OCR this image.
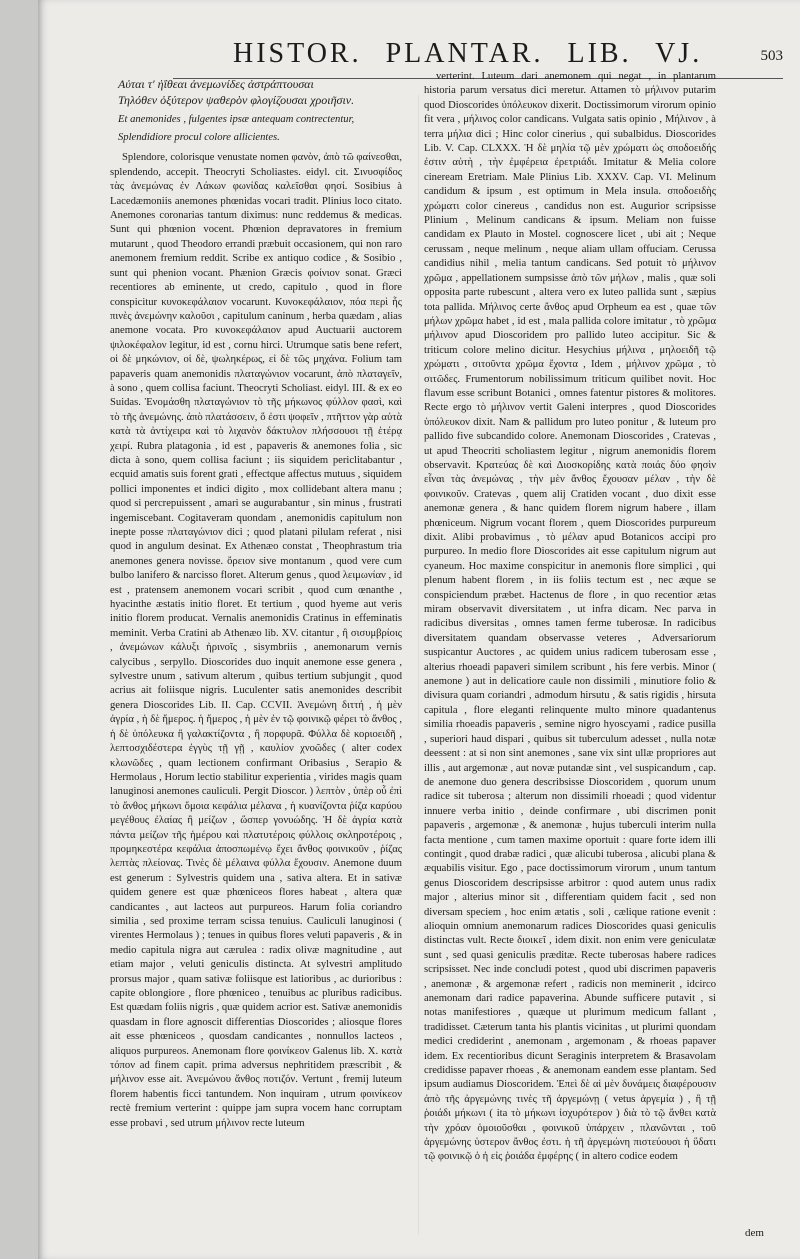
HISTOR. PLANTAR. LIB. VJ.	503
Αὐται τ' ἠΐθεαι ἀνεμωνίδες ἀστράπτουσαι
Τηλόθεν ὀξύτερον ψαθερὸν φλογίζουσαι χροιῆσιν.
Et anemonides , fulgentes ipsæ antequam contrectentur,
Splendidiore procul colore allicientes.

Splendore, colorisque venustate nomen φανὸν, ἀπὸ τῶ φαίνεσθαι, splendendo, accepit. Theocryti Scholiastes. eidyl. cit. Σινυσφίδος τὰς ἀνεμώνας ἐν Λάκων φωνίδας καλεῖσθαι φησί. Sosibius à Lacedæmoniis anemones phœnidas vocari tradit. Plinius loco citato. Anemones coronarias tantum diximus: nunc reddemus & medicas. Sunt qui phœnion vocent. Phœnion depravatores in fremium mutarunt , quod Theodoro errandi præbuit occasionem, qui non raro anemonem fremium reddit. Scribe ex antiquo codice , & Sosibio , sunt qui phenion vocant. Phænion Græcis φοίνιον sonat. Græci recentiores ab eminente, ut credo, capitulo , quod in flore conspicitur κυνοκεφάλαιον vocarunt. Κυνοκεφάλαιον, πόα περὶ ἧς πινὲς ἀνεμώνην καλοῦσι , capitulum caninum , herba quædam , alias anemone vocata. Pro κυνοκεφάλαιον apud Auctuarii auctorem ψιλοκέφαλον legitur, id est , cornu hirci. Utrumque satis bene refert, οἱ δὲ μηκώνιον, οἱ δὲ, ψωληκέρως, εἰ δὲ τῶς μηχάνα. Folium tam papaveris quam anemonidis πλαταγώνιον vocarunt, ἀπὸ πλαταγεῖν, à sono , quem collisa faciunt. Theocryti Scholiast. eidyl. III. & ex eo Suidas. Ἐνομάσθη πλαταγώνιον τὸ τῆς μήκωνος φύλλον φασὶ, καὶ τὸ τῆς ἀνεμώνης. ἀπὸ πλατάσσειν, ὅ ἐστι ψοφεῖν , πτῆττον γὰρ αὐτὰ κατὰ τὰ ἀντίχειρα καὶ τὸ λιχανὸν δάκτυλον πλήσσουσι τῇ ἑτέρᾳ χειρί. Rubra platagonia , id est , papaveris & anemones folia , sic dicta à sono, quem collisa faciunt ; iis siquidem periclitabantur , ecquid amatis suis forent grati , effectque affectus mutuus , siquidem pollici imponentes et indici digito , mox collidebant altera manu ; quod si percrepuissent , amari se augurabantur , sin minus , frustrati ingemiscebant. Cogitaveram quondam , anemonidis capitulum non inepte posse πλαταγώνιον dici ; quod platani pilulam referat , nisi quod in angulum desinat. Ex Athenæo constat , Theophrastum tria anemones genera novisse. ὄρειον sive montanum , quod vere cum bulbo lanifero & narcisso floret. Alterum genus , quod λειμωνίαν , id est , pratensem anemonem vocari scribit , quod cum œnanthe , hyacinthe æstatis initio floret. Et tertium , quod hyeme aut veris initio florem producat. Vernalis anemonidis Cratinus in effeminatis meminit. Verba Cratini ab Athenæo lib. XV. citantur , ἢ σισυμβρίοις , ἀνεμώνων κάλυξι ἠρινοῖς , sisymbriis , anemonarum vernis calycibus , serpyllo. Dioscorides duo inquit anemone esse genera , sylvestre unum , sativum alterum , quibus tertium subjungit , quod acrius ait foliisque nigris. Luculenter satis anemonides describit genera Dioscorides Lib. II. Cap. CCVII. Ἀνεμώνη διττή , ἡ μὲν ἀγρία , ἡ δὲ ἥμερος. ἡ ἥμερος , ἡ μὲν ἐν τῷ φοινικῷ φέρει τὸ ἄνθος , ἡ δὲ ὑπόλευκα ἢ γαλακτίζοντα , ἢ πορφυρᾶ. Φύλλα δὲ κοριοειδῆ , λεπτοσχιδέστερα ἐγγὺς τῇ γῇ , καυλίον χνοῶδες ( alter codex κλωνῶδες , quam lectionem confirmant Oribasius , Serapio & Hermolaus , Horum lectio stabilitur experientia , virides magis quam lanuginosi anemones cauliculi. Pergit Dioscor. ) λεπτὸν , ὑπὲρ οὗ ἐπὶ τὸ ἄνθος μήκωνι ὅμοια κεφάλια μέλανα , ἡ κυανίζοντα ῥίζα καρύου μεγέθους ἐλαίας ἢ μείζων , ὥσπερ γονυώδης. Ἡ δὲ ἀγρία κατὰ πάντα μείζων τῆς ἡμέρου καὶ πλατυτέροις φύλλοις σκληροτέροις , προμηκεστέρα κεφάλια ἀποσπωμένῳ ἔχει ἄνθος φοινικοῦν , ῥίζας λεπτὰς πλείονας. Τινὲς δὲ μέλαινα φύλλα ἔχουσιν. Anemone duum est generum : Sylvestris quidem una , sativa altera. Et in sativæ quidem genere est quæ phœniceos flores habeat , altera quæ candicantes , aut lacteos aut purpureos. Harum folia coriandro similia , sed proxime terram scissa tenuius. Cauliculi lanuginosi ( virentes Hermolaus ) ; tenues in quibus flores veluti papaveris , & in medio capitula nigra aut cærulea : radix olivæ magnitudine , aut etiam major , veluti geniculis distincta. At sylvestri amplitudo prorsus major , quam sativæ foliisque est latioribus , ac durioribus : capite oblongiore , flore phœniceo , tenuibus ac pluribus radicibus. Est quædam foliis nigris , quæ quidem acrior est. Sativæ anemonidis quasdam in flore agnoscit differentias Dioscorides ; aliosque flores ait esse phœniceos , quosdam candicantes , nonnullos lacteos , aliquos purpureos. Anemonam flore φοινίκεον Galenus lib. X. κατὰ τόπον ad finem capit. prima adversus nephritidem præscribit , & μήλινον esse ait. Ἀνεμώνου ἄνθος ποτιζόν. Vertunt , fremij luteum florem habentis ficci tantundem. Non inquiram , utrum φοινίκεον rectè fremium verterint : quippe jam supra vocem hanc corruptam esse probavi , sed utrum μήλινον recte luteum

verterint. Luteum dari anemonem qui negat , in plantarum historia parum versatus dici meretur. Attamen τὸ μήλινον putarim quod Dioscorides ὑπόλευκον dixerit. Doctissimorum virorum opinio fit vera , μήλινος color candicans. Vulgata satis opinio , Μήλινον , à terra μήλια dici ; Hinc color cinerius , qui subalbidus. Dioscorides Lib. V. Cap. CLXXX. Ἡ δὲ μηλία τῷ μὲν χρώματι ὡς σποδοειδής ἐστιν αὐτὴ , τὴν ἐμφέρεια ἐρετριάδι. Imitatur & Melia colore cineream Eretriam. Male Plinius Lib. XXXV. Cap. VI. Melinum candidum & ipsum , est optimum in Mela insula. σποδοειδὴς χρώματι color cinereus , candidus non est. Augurior scripsisse Plinium , Melinum candicans & ipsum. Meliam non fuisse candidam ex Plauto in Mostel. cognoscere licet , ubi ait ; Neque cerussam , neque melinum , neque aliam ullam offuciam. Cerussa candidius nihil , melia tantum candicans. Sed potuit τὸ μήλινον χρῶμα , appellationem sumpsisse ἀπὸ τῶν μήλων , malis , quæ soli opposita parte rubescunt , altera vero ex luteo pallida sunt , sæpius tota pallida. Μήλινος certe ἄνθος apud Orpheum ea est , quae τῶν μήλων χρῶμα habet , id est , mala pallida colore imitatur , τὸ χρῶμα μήλινον apud Dioscoridem pro pallido luteo accipitur. Sic & triticum colore melino dicitur. Hesychius μήλινα , μηλοειδῆ τῷ χρώματι , σιτοῦντα χρῶμα ἔχοντα , Idem , μήλινον χρῶμα , τὸ σιτῶδες. Frumentorum nobilissimum triticum quilibet novit. Hoc flavum esse scribunt Botanici , omnes fatentur pistores & molitores. Recte ergo τὸ μήλινον vertit Galeni interpres , quod Dioscorides ὑπόλευκον dixit. Nam & pallidum pro luteo ponitur , & luteum pro pallido five subcandido colore. Anemonam Dioscorides , Cratevas , ut apud Theocriti scholiastem legitur , nigrum anemonidis florem observavit. Κρατεύας δὲ καὶ Διοσκορίδης κατὰ ποιάς δύο φησὶν εἶναι τὰς ἀνεμώνας , τὴν μὲν ἄνθος ἔχουσαν μέλαν , τὴν δὲ φοινικοῦν. Cratevas , quem alij Cratiden vocant , duo dixit esse anemonæ genera , & hanc quidem florem nigrum habere , illam phœniceum. Nigrum vocant florem , quem Dioscorides purpureum dixit. Alibi probavimus , τὸ μέλαν apud Botanicos accipi pro purpureo. In medio flore Dioscorides ait esse capitulum nigrum aut cyaneum. Hoc maxime conspicitur in anemonis flore simplici , qui plenum habent florem , in iis foliis tectum est , nec æque se conspiciendum præbet. Hactenus de flore , in quo recentior ætas miram observavit diversitatem , ut infra dicam. Nec parva in radicibus diversitas , omnes tamen ferme tuberosæ. In radicibus diversitatem quandam observasse veteres , Adversariorum suspicantur Auctores , ac quidem unius radicem tuberosam esse , alterius rhoeadi papaveri similem scribunt , his fere verbis. Minor ( anemone ) aut in delicatiore caule non dissimili , minutiore folio & divisura quam coriandri , admodum hirsutu , & satis rigidis , hirsuta capitula , flore eleganti relinquente multo minore quadantenus similia rhoeadis papaveris , semine nigro hyoscyami , radice pusilla , superiori haud dispari , quibus sit tuberculum adesset , nulla notæ deessent : at si non sint anemones , sane vix sint ullæ propriores aut illis , aut argemonæ , aut novæ putandæ sint , vel suspicandum , cap. de anemone duo genera describsisse Dioscoridem , quorum unum radice sit tuberosa ; alterum non dissimili rhoeadi ; quod videntur innuere verba initio , deinde confirmare , ubi discrimen ponit papaveris , argemonæ , & anemonæ , hujus tuberculi interim nulla facta mentione , cum tamen maxime oportuit : quare forte idem illi contingit , quod drabæ radici , quæ alicubi tuberosa , alicubi plana & æquabilis visitur. Ego , pace doctissimorum virorum , unum tantum genus Dioscoridem descripsisse arbitror : quod autem unus radix major , alterius minor sit , differentiam quidem facit , sed non diversam speciem , hoc enim ætatis , soli , cælique ratione evenit : alioquin omnium anemonarum radices Dioscorides quasi geniculis distinctas vult. Recte διοικεῖ , idem dixit. non enim vere geniculatæ sunt , sed quasi geniculis præditæ. Recte tuberosas habere radices scripsisset. Nec inde concludi potest , quod ubi discrimen papaveris , anemonæ , & argemonæ refert , radicis non meminerit , idcirco anemonam dari radice papaverina. Abunde sufficere putavit , si notas manifestiores , quæque ut plurimum medicum fallant , tradidisset. Cæterum tanta his plantis vicinitas , ut plurimi quondam medici crediderint , anemonam , argemonam , & rhoeas papaver idem. Ex recentioribus dicunt Seraginis interpretem & Brasavolam credidisse papaver rhoeas , & anemonam eandem esse plantam. Sed ipsum audiamus Dioscoridem. Ἐπεὶ δὲ αἱ μὲν δυνάμεις διαφέρουσιν ἀπὸ τῆς ἀργεμώνης τινὲς τῆ ἀργεμώνῃ ( vetus ἀργεμία ) , ἢ τῇ ῥοιάδι μήκωνι ( ita τὸ μήκωνι ἰσχυρότερον ) διὰ τὸ τῷ ἄνθει κατὰ τὴν χρόαν ὁμοιοῦσθαι , φοινικοῦ ὑπάρχειν , πλανῶνται , τοῦ ἀργεμώνης ὑστερον ἄνθος ἐστι. ἡ τῆ ἀργεμώνη πιστεύουσι ἡ ὕδατι τῷ φοινικῷ ὁ ἡ εἰς ῥοιάδα ἐμφέρης ( in altero codice eodem

dem
